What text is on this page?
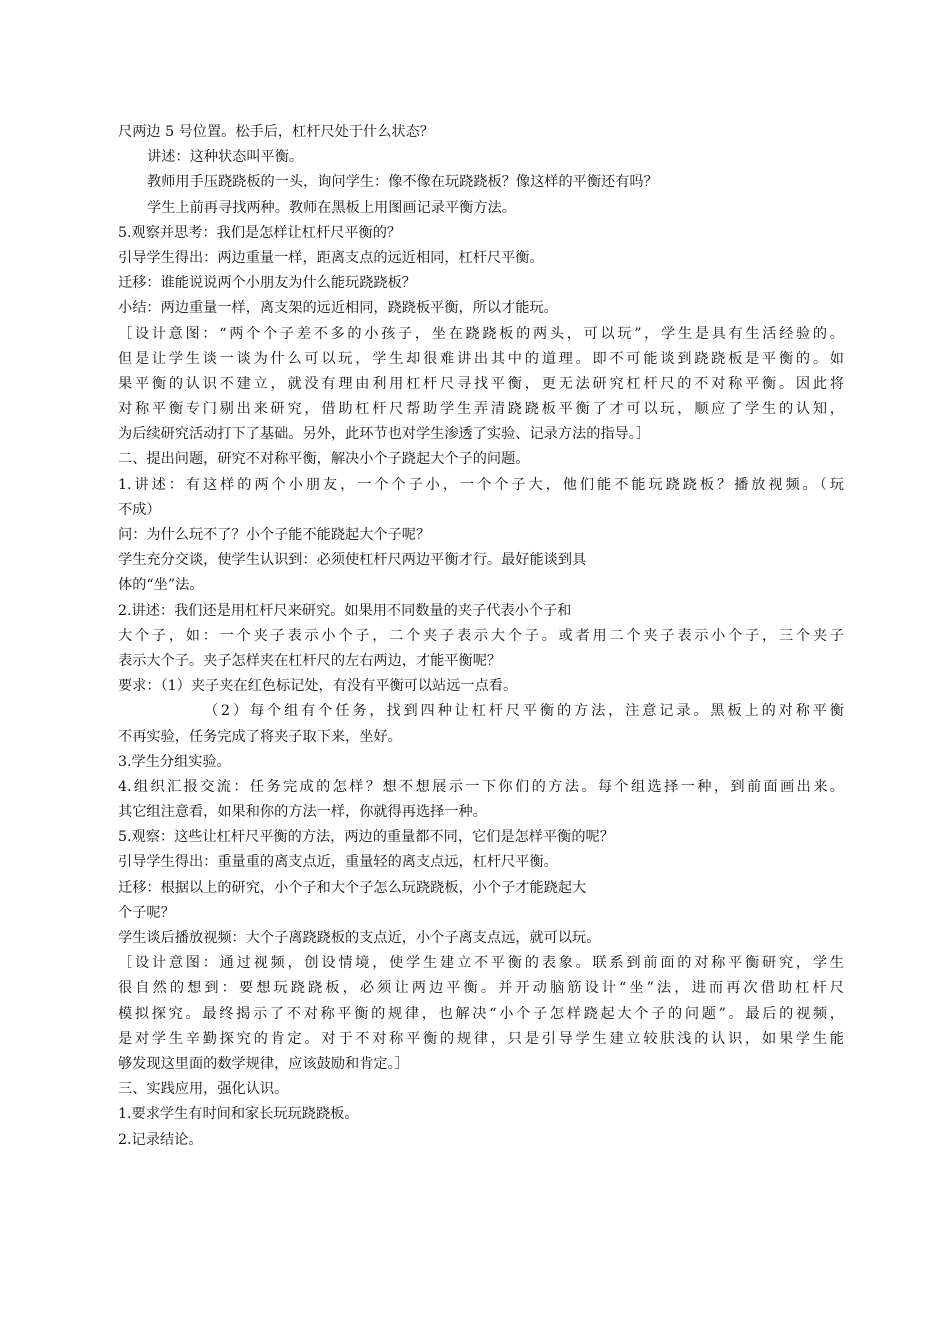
尺两边 5 号位置。松手后，杠杆尺处于什么状态？
讲述：这种状态叫平衡。
教师用手压跷跷板的一头，询问学生：像不像在玩跷跷板？像这样的平衡还有吗？
学生上前再寻找两种。教师在黑板上用图画记录平衡方法。
5.观察并思考：我们是怎样让杠杆尺平衡的？
引导学生得出：两边重量一样，距离支点的远近相同，杠杆尺平衡。
迁移：谁能说说两个小朋友为什么能玩跷跷板？
小结：两边重量一样，离支架的远近相同，跷跷板平衡，所以才能玩。
［设计意图：“两个个子差不多的小孩子，坐在跷跷板的两头，可以玩”，学生是具有生活经验的。
但是让学生谈一谈为什么可以玩，学生却很难讲出其中的道理。即不可能谈到跷跷板是平衡的。如
果平衡的认识不建立，就没有理由利用杠杆尺寻找平衡，更无法研究杠杆尺的不对称平衡。因此将
对称平衡专门剔出来研究，借助杠杆尺帮助学生弄清跷跷板平衡了才可以玩，顺应了学生的认知，
为后续研究活动打下了基础。另外，此环节也对学生渗透了实验、记录方法的指导。］
二、提出问题，研究不对称平衡，解决小个子跷起大个子的问题。
1.讲述：有这样的两个小朋友，一个个子小，一个个子大，他们能不能玩跷跷板？播放视频。（玩
不成）
问：为什么玩不了？小个子能不能跷起大个子呢？
学生充分交谈，使学生认识到：必须使杠杆尺两边平衡才行。最好能谈到具
体的“坐”法。
2.讲述：我们还是用杠杆尺来研究。如果用不同数量的夹子代表小个子和
大个子，如：一个夹子表示小个子，二个夹子表示大个子。或者用二个夹子表示小个子，三个夹子
表示大个子。夹子怎样夹在杠杆尺的左右两边，才能平衡呢？
要求：（1）夹子夹在红色标记处，有没有平衡可以站远一点看。
（2）每个组有个任务，找到四种让杠杆尺平衡的方法，注意记录。黑板上的对称平衡
不再实验，任务完成了将夹子取下来，坐好。
3.学生分组实验。
4.组织汇报交流：任务完成的怎样？想不想展示一下你们的方法。每个组选择一种，到前面画出来。
其它组注意看，如果和你的方法一样，你就得再选择一种。
5.观察：这些让杠杆尺平衡的方法，两边的重量都不同，它们是怎样平衡的呢？
引导学生得出：重量重的离支点近，重量轻的离支点远，杠杆尺平衡。
迁移：根据以上的研究，小个子和大个子怎么玩跷跷板，小个子才能跷起大
个子呢？
学生谈后播放视频：大个子离跷跷板的支点近，小个子离支点远，就可以玩。
［设计意图：通过视频，创设情境，使学生建立不平衡的表象。联系到前面的对称平衡研究，学生
很自然的想到：要想玩跷跷板，必须让两边平衡。并开动脑筋设计“坐”法，进而再次借助杠杆尺
模拟探究。最终揭示了不对称平衡的规律，也解决“小个子怎样跷起大个子的问题”。最后的视频，
是对学生辛勤探究的肯定。对于不对称平衡的规律，只是引导学生建立较肤浅的认识，如果学生能
够发现这里面的数学规律，应该鼓励和肯定。］
三、实践应用，强化认识。
1.要求学生有时间和家长玩玩跷跷板。
2.记录结论。
